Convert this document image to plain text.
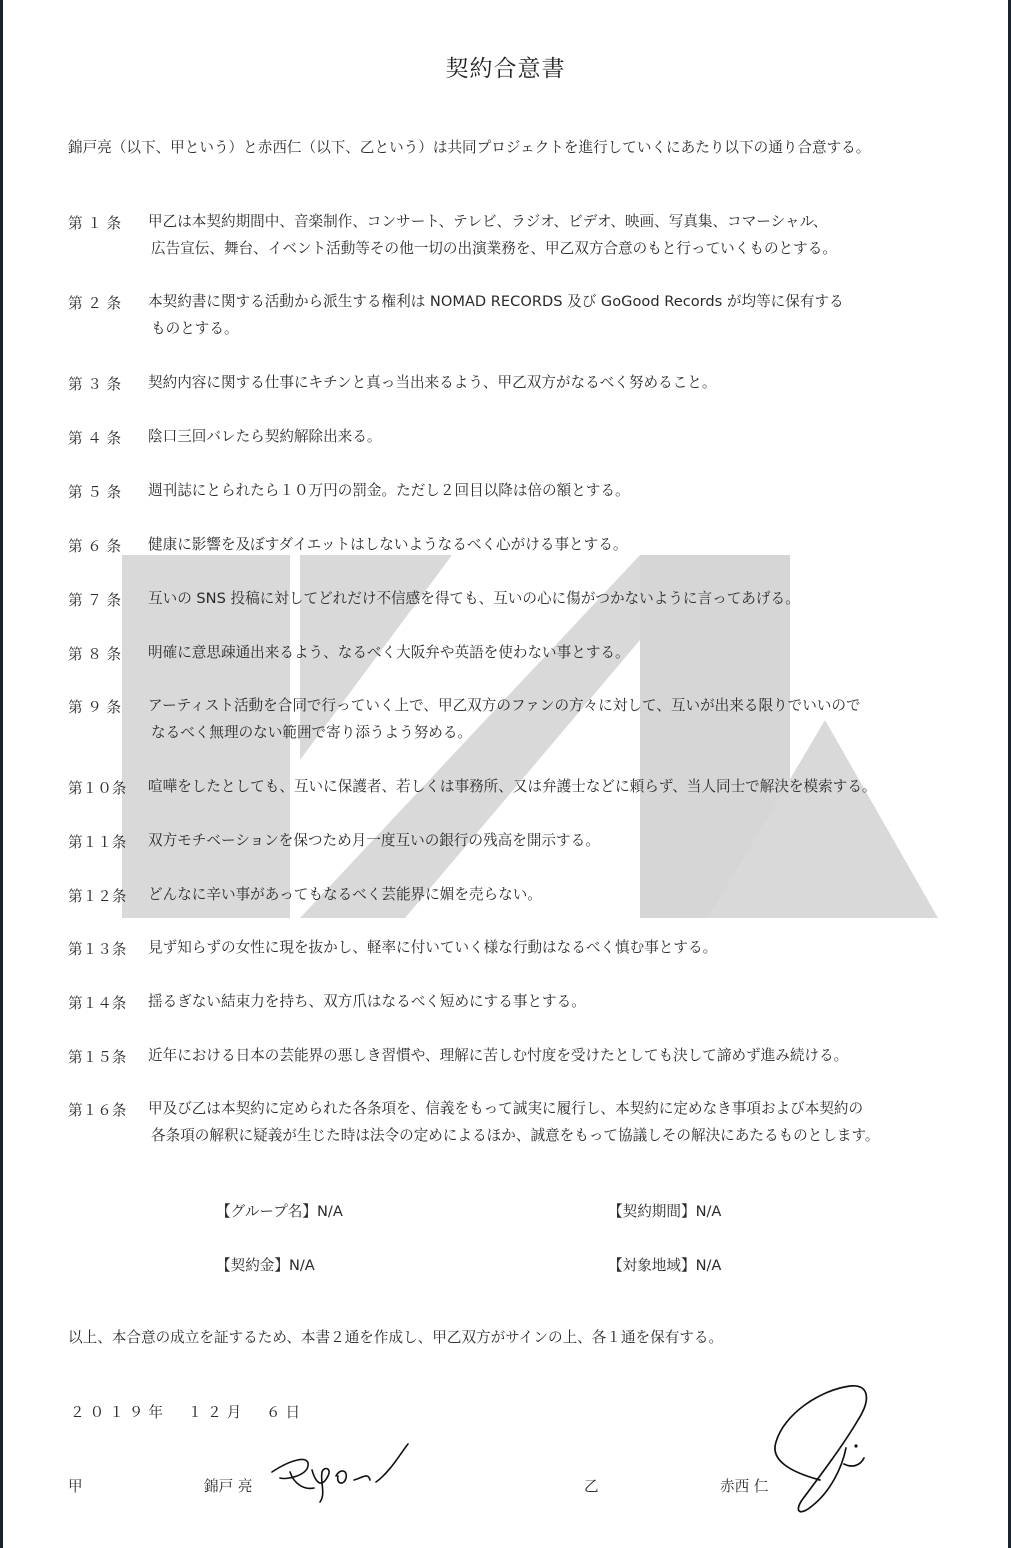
契約合意書
錦戸亮（以下、甲という）と赤西仁（以下、乙という）は共同プロジェクトを進行していくにあたり以下の通り合意する。
第 １ 条	甲乙は本契約期間中、音楽制作、コンサート、テレビ、ラジオ、ビデオ、映画、写真集、コマーシャル、
広告宣伝、舞台、イベント活動等その他一切の出演業務を、甲乙双方合意のもと行っていくものとする。
第 ２ 条	本契約書に関する活動から派生する権利は NOMAD RECORDS 及び GoGood Records が均等に保有する
ものとする。
第 ３ 条	契約内容に関する仕事にキチンと真っ当出来るよう、甲乙双方がなるべく努めること。
第 ４ 条	陰口三回バレたら契約解除出来る。
第 ５ 条	週刊誌にとられたら１０万円の罰金。ただし２回目以降は倍の額とする。
第 ６ 条	健康に影響を及ぼすダイエットはしないようなるべく心がける事とする。
第 ７ 条	互いの SNS 投稿に対してどれだけ不信感を得ても、互いの心に傷がつかないように言ってあげる。
第 ８ 条	明確に意思疎通出来るよう、なるべく大阪弁や英語を使わない事とする。
第 ９ 条	アーティスト活動を合同で行っていく上で、甲乙双方のファンの方々に対して、互いが出来る限りでいいので
なるべく無理のない範囲で寄り添うよう努める。
第１０条	喧嘩をしたとしても、互いに保護者、若しくは事務所、又は弁護士などに頼らず、当人同士で解決を模索する。
第１１条	双方モチベーションを保つため月一度互いの銀行の残高を開示する。
第１２条	どんなに辛い事があってもなるべく芸能界に媚を売らない。
第１３条	見ず知らずの女性に現を抜かし、軽率に付いていく様な行動はなるべく慎む事とする。
第１４条	揺るぎない結束力を持ち、双方爪はなるべく短めにする事とする。
第１５条	近年における日本の芸能界の悪しき習慣や、理解に苦しむ忖度を受けたとしても決して諦めず進み続ける。
第１６条	甲及び乙は本契約に定められた各条項を、信義をもって誠実に履行し、本契約に定めなき事項および本契約の
各条項の解釈に疑義が生じた時は法令の定めによるほか、誠意をもって協議しその解決にあたるものとします。
【グループ名】N/A	【契約期間】N/A
【契約金】N/A	【対象地域】N/A
以上、本合意の成立を証するため、本書２通を作成し、甲乙双方がサインの上、各１通を保有する。
２０１９年　１２月　６日
甲	錦戸 亮	乙	赤西 仁
